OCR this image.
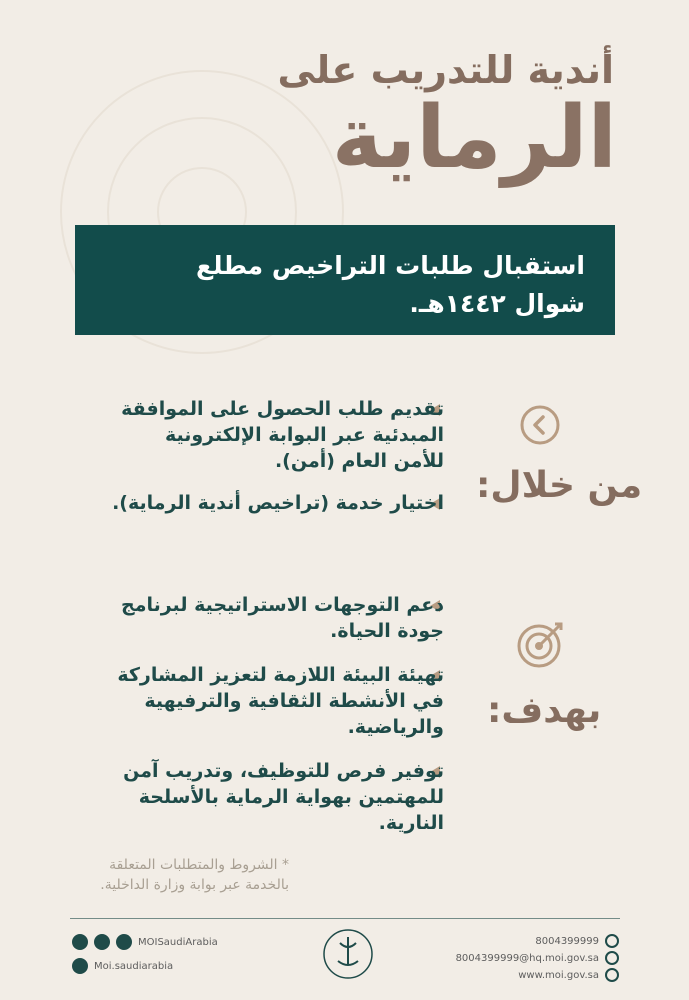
أندية للتدريب على
الرماية
استقبال طلبات التراخيص مطلع
شوال ١٤٤٢هـ.
من خلال:
تقديم طلب الحصول على الموافقة
المبدئية عبر البوابة الإلكترونية
للأمن العام (أمن).
اختيار خدمة (تراخيص أندية الرماية).
بهدف:
دعم التوجهات الاستراتيجية لبرنامج
جودة الحياة.
تهيئة البيئة اللازمة لتعزيز المشاركة
في الأنشطة الثقافية والترفيهية
والرياضية.
توفير فرص للتوظيف، وتدريب آمن
للمهتمين بهواية الرماية بالأسلحة
النارية.
* الشروط والمتطلبات المتعلقة
بالخدمة عبر بوابة وزارة الداخلية.
MOISaudiArabia
Moi.saudiarabia
8004399999
8004399999@hq.moi.gov.sa
www.moi.gov.sa
